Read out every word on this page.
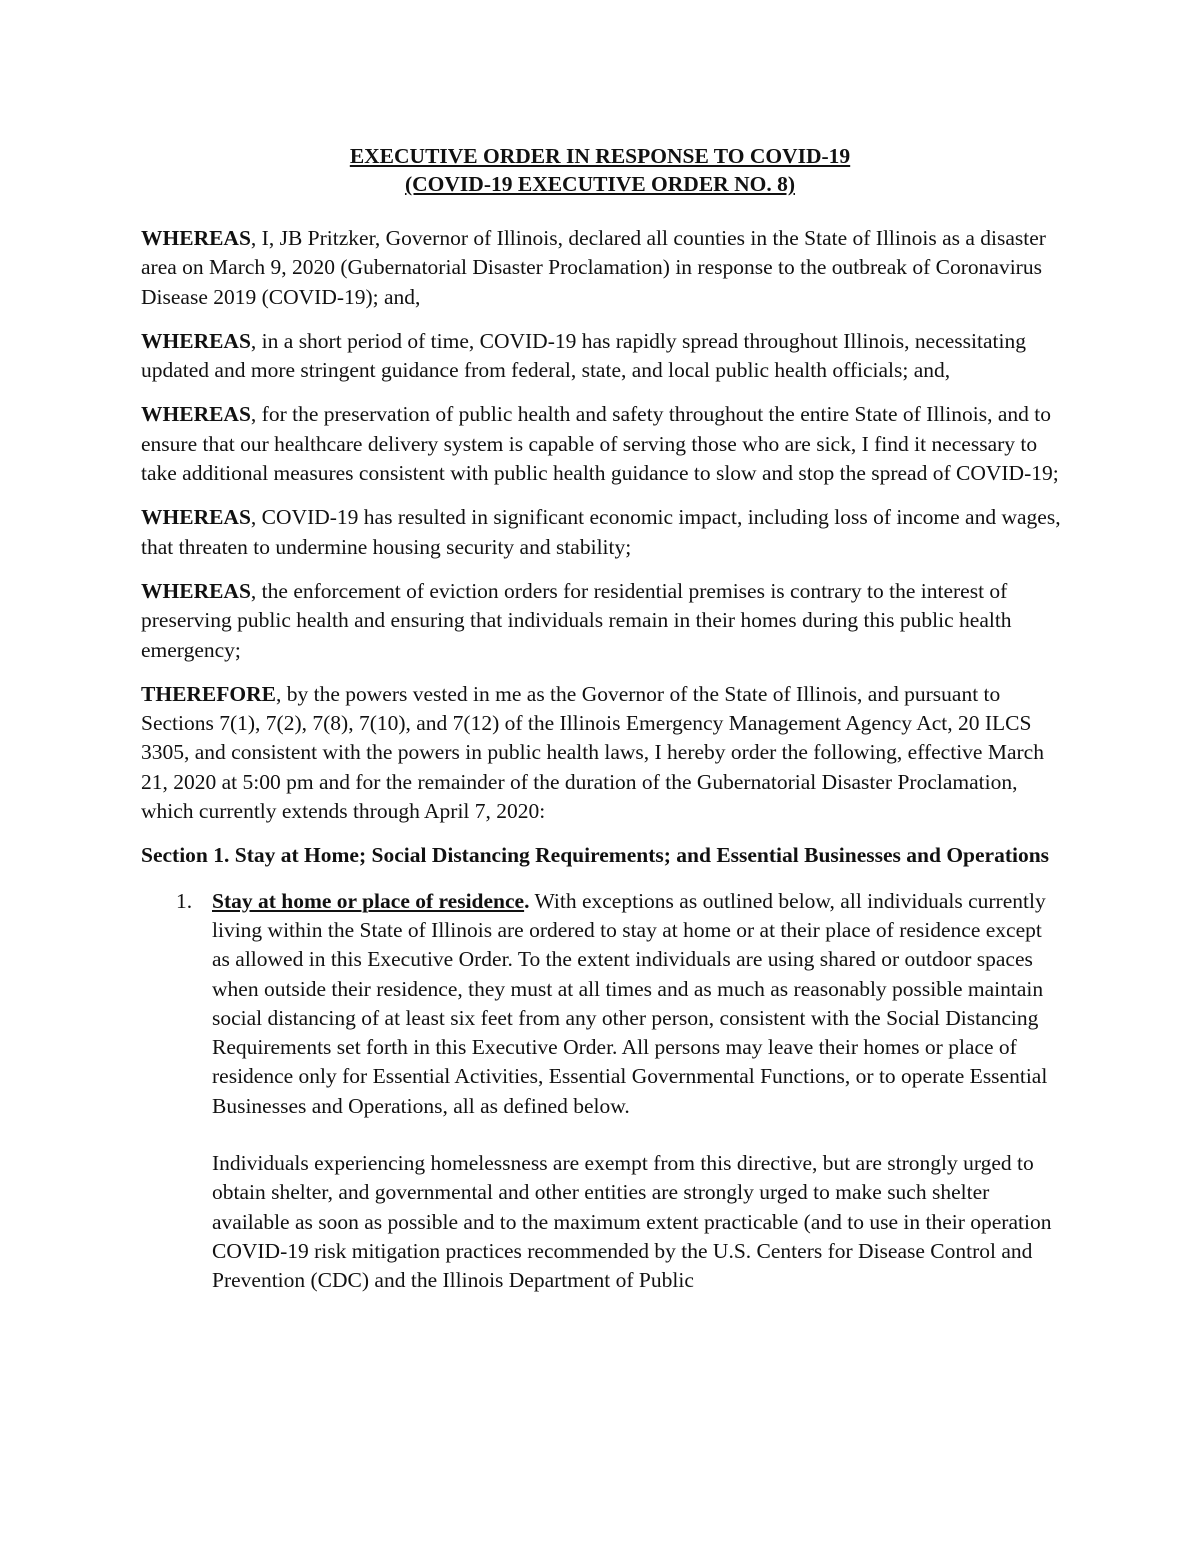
EXECUTIVE ORDER IN RESPONSE TO COVID-19
(COVID-19 EXECUTIVE ORDER NO. 8)

WHEREAS, I, JB Pritzker, Governor of Illinois, declared all counties in the State of Illinois as a disaster area on March 9, 2020 (Gubernatorial Disaster Proclamation) in response to the outbreak of Coronavirus Disease 2019 (COVID-19); and,

WHEREAS, in a short period of time, COVID-19 has rapidly spread throughout Illinois, necessitating updated and more stringent guidance from federal, state, and local public health officials; and,

WHEREAS, for the preservation of public health and safety throughout the entire State of Illinois, and to ensure that our healthcare delivery system is capable of serving those who are sick, I find it necessary to take additional measures consistent with public health guidance to slow and stop the spread of COVID-19;

WHEREAS, COVID-19 has resulted in significant economic impact, including loss of income and wages, that threaten to undermine housing security and stability;

WHEREAS, the enforcement of eviction orders for residential premises is contrary to the interest of preserving public health and ensuring that individuals remain in their homes during this public health emergency;

THEREFORE, by the powers vested in me as the Governor of the State of Illinois, and pursuant to Sections 7(1), 7(2), 7(8), 7(10), and 7(12) of the Illinois Emergency Management Agency Act, 20 ILCS 3305, and consistent with the powers in public health laws, I hereby order the following, effective March 21, 2020 at 5:00 pm and for the remainder of the duration of the Gubernatorial Disaster Proclamation, which currently extends through April 7, 2020:

Section 1. Stay at Home; Social Distancing Requirements; and Essential Businesses and Operations

1. Stay at home or place of residence. With exceptions as outlined below, all individuals currently living within the State of Illinois are ordered to stay at home or at their place of residence except as allowed in this Executive Order. To the extent individuals are using shared or outdoor spaces when outside their residence, they must at all times and as much as reasonably possible maintain social distancing of at least six feet from any other person, consistent with the Social Distancing Requirements set forth in this Executive Order. All persons may leave their homes or place of residence only for Essential Activities, Essential Governmental Functions, or to operate Essential Businesses and Operations, all as defined below.

Individuals experiencing homelessness are exempt from this directive, but are strongly urged to obtain shelter, and governmental and other entities are strongly urged to make such shelter available as soon as possible and to the maximum extent practicable (and to use in their operation COVID-19 risk mitigation practices recommended by the U.S. Centers for Disease Control and Prevention (CDC) and the Illinois Department of Public
